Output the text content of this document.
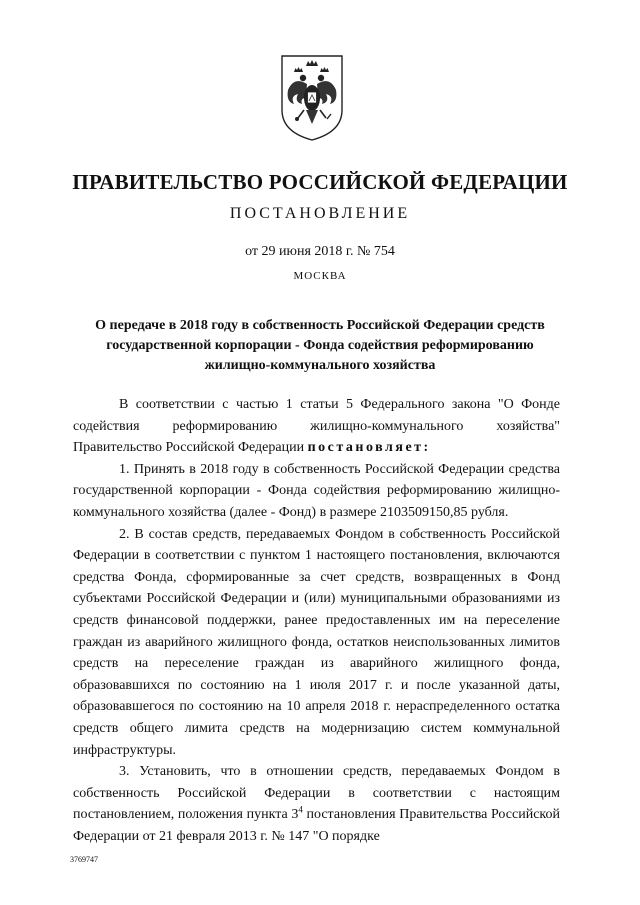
ПРАВИТЕЛЬСТВО РОССИЙСКОЙ ФЕДЕРАЦИИ
ПОСТАНОВЛЕНИЕ
от 29 июня 2018 г. № 754
МОСКВА
О передаче в 2018 году в собственность Российской Федерации средств
государственной корпорации - Фонда содействия реформированию
жилищно-коммунального хозяйства

В соответствии с частью 1 статьи 5 Федерального закона "О Фонде содействия реформированию жилищно-коммунального хозяйства" Правительство Российской Федерации постановляет:

1. Принять в 2018 году в собственность Российской Федерации средства государственной корпорации - Фонда содействия реформированию жилищно-коммунального хозяйства (далее - Фонд) в размере 2103509150,85 рубля.

2. В состав средств, передаваемых Фондом в собственность Российской Федерации в соответствии с пунктом 1 настоящего постановления, включаются средства Фонда, сформированные за счет средств, возвращенных в Фонд субъектами Российской Федерации и (или) муниципальными образованиями из средств финансовой поддержки, ранее предоставленных им на переселение граждан из аварийного жилищного фонда, остатков неиспользованных лимитов средств на переселение граждан из аварийного жилищного фонда, образовавшихся по состоянию на 1 июля 2017 г. и после указанной даты, образовавшегося по состоянию на 10 апреля 2018 г. нераспределенного остатка средств общего лимита средств на модернизацию систем коммунальной инфраструктуры.

3. Установить, что в отношении средств, передаваемых Фондом в собственность Российской Федерации в соответствии с настоящим постановлением, положения пункта $3^4$ постановления Правительства Российской Федерации от 21 февраля 2013 г. № 147 "О порядке

3769747
